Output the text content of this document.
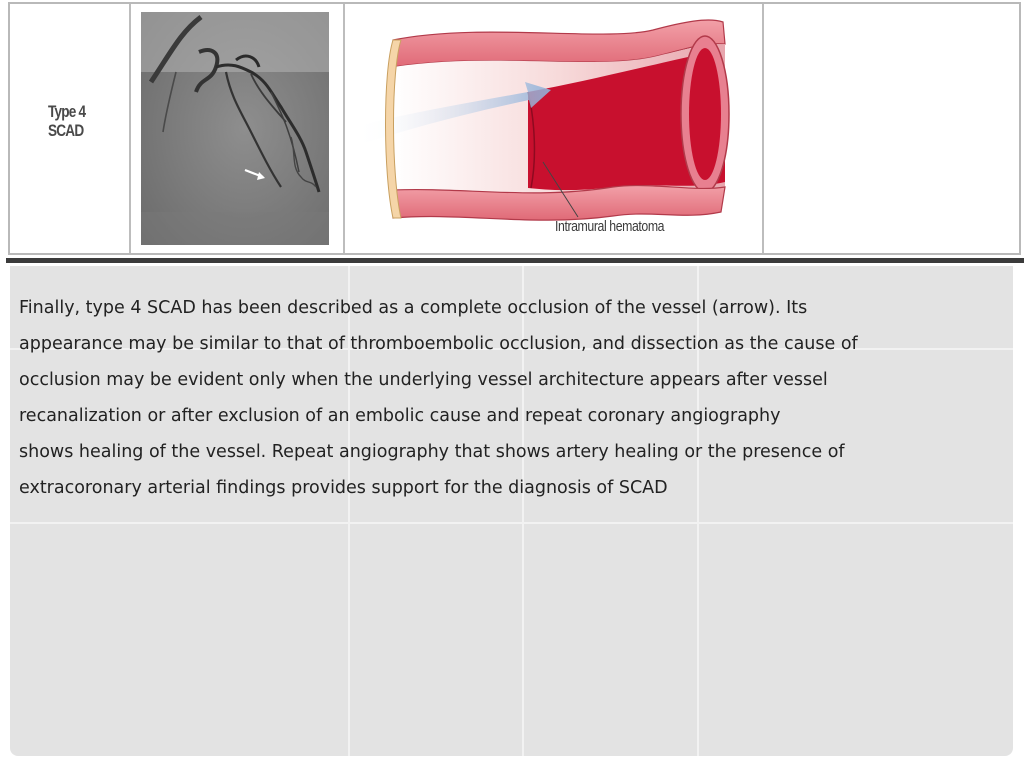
Type 4
SCAD
Intramural hematoma

Finally, type 4 SCAD has been described as a complete occlusion of the vessel (arrow). Its
appearance may be similar to that of thromboembolic occlusion, and dissection as the cause of
occlusion may be evident only when the underlying vessel architecture appears after vessel
recanalization or after exclusion of an embolic cause and repeat coronary angiography
shows healing of the vessel. Repeat angiography that shows artery healing or the presence of
extracoronary arterial findings provides support for the diagnosis of SCAD
